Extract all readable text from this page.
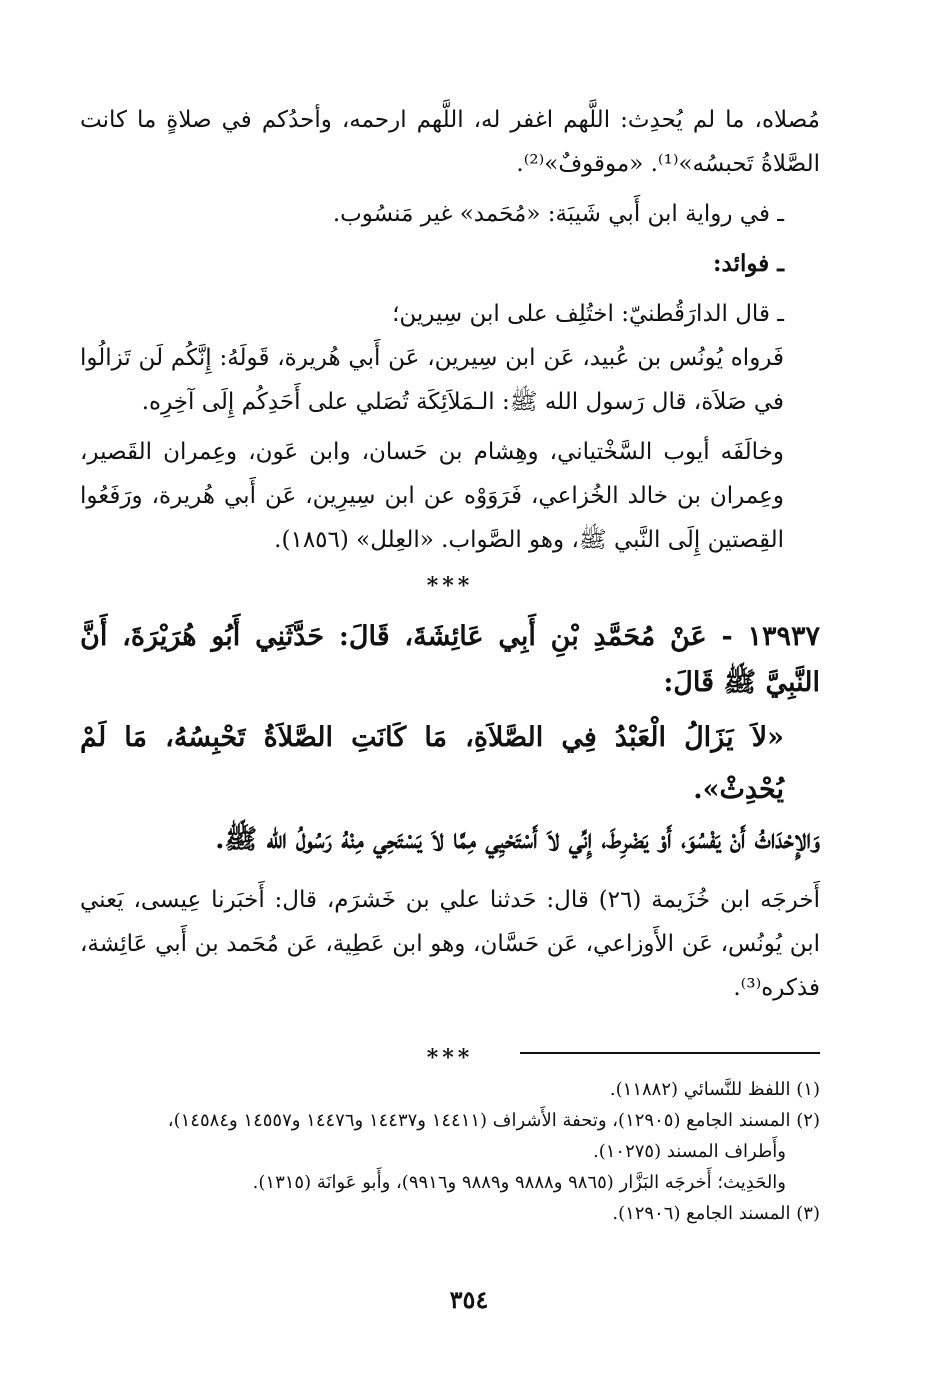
مُصلاه، ما لم يُحدِث: اللَّهم اغفر له، اللَّهم ارحمه، وأحدُكم في صلاةٍ ما كانت الصَّلاةُ تَحبسُه»⁽¹⁾. «موقوفٌ»⁽²⁾.

ـ في رواية ابن أَبي شَيبَة: «مُحَمد» غير مَنسُوب.

ـ فوائد:

ـ قال الدارَقُطنيّ: اختُلِف على ابن سِيرين؛

فَرواه يُونُس بن عُبيد، عَن ابن سِيرين، عَن أَبي هُريرة، قَولَهُ: إِنَّكُم لَن تَزالُوا في صَلاَة، قال رَسول الله ﷺ: الـمَلاَئِكَة تُصَلي على أَحَدِكُم إِلَى آخِرِه.

وخالَفَه أيوب السَّخْتياني، وهِشام بن حَسان، وابن عَون، وعِمران القَصير، وعِمران بن خالد الخُزاعي، فَرَوَوْه عن ابن سِيرِين، عَن أَبي هُريرة، ورَفَعُوا القِصتين إِلَى النَّبي ﷺ، وهو الصَّواب. «العِلل» (١٨٥٦).

***

١٣٩٣٧ - عَنْ مُحَمَّدِ بْنِ أَبِي عَائِشَةَ، قَالَ: حَدَّثَنِي أَبُو هُرَيْرَةَ، أَنَّ النَّبِيَّ ﷺ قَالَ:

«لاَ يَزَالُ الْعَبْدُ فِي الصَّلاَةِ، مَا كَانَتِ الصَّلاَةُ تَحْبِسُهُ، مَا لَمْ يُحْدِثْ».

وَالإِحْدَاثُ أَنْ يَفْسُوَ، أَوْ يَضْرِطَ، إِنِّي لاَ أَسْتَحْيِي مِمَّا لاَ يَسْتَحِي مِنْهُ رَسُولُ الله ﷺ.

أَخرجَه ابن خُزَيمة (٢٦) قال: حَدثنا علي بن خَشرَم، قال: أَخبَرنا عِيسى، يَعني ابن يُونُس، عَن الأَوزاعي، عَن حَسَّان، وهو ابن عَطِية، عَن مُحَمد بن أَبي عَائِشة، فذكره⁽³⁾.

***

(١) اللفظ للنَّسائي (١١٨٨٢).

(٢) المسند الجامع (١٢٩٠٥)، وتحفة الأَشراف (١٤٤١١ و١٤٤٣٧ و١٤٤٧٦ و١٤٥٥٧ و١٤٥٨٤)،

وأَطراف المسند (١٠٢٧٥).

والحَدِيث؛ أَخرجَه البَزَّار (٩٨٦٥ و٩٨٨٨ و٩٨٨٩ و٩٩١٦)، وأَبو عَوانَة (١٣١٥).

(٣) المسند الجامع (١٢٩٠٦).

٣٥٤
